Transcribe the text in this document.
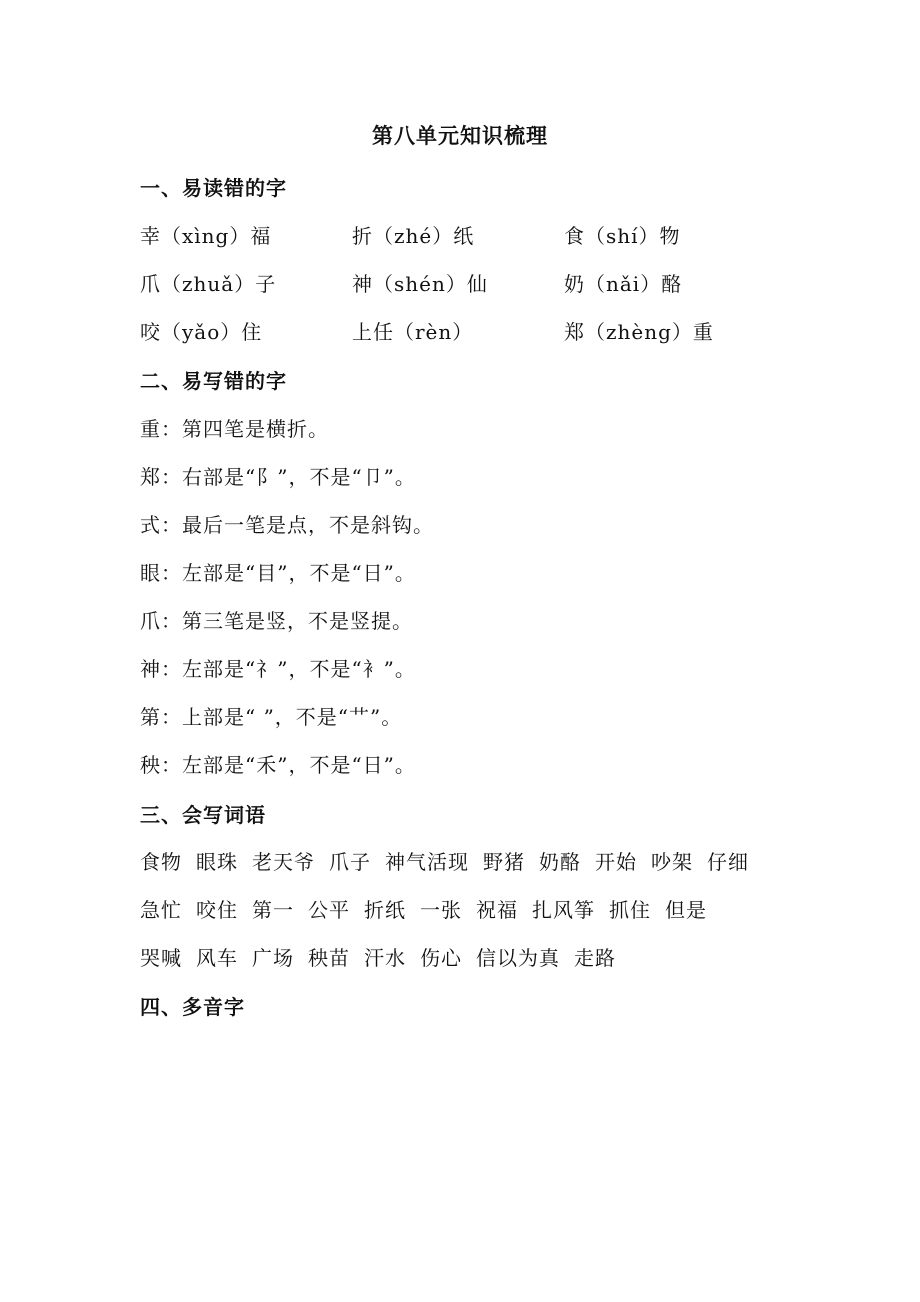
第八单元知识梳理
一、易读错的字
幸（xìng）福	折（zhé）纸	食（shí）物
爪（zhuǎ）子	神（shén）仙	奶（nǎi）酪
咬（yǎo）住	上任（rèn）	郑（zhèng）重
二、易写错的字
重：第四笔是横折。
郑：右部是“阝”，不是“卩”。
式：最后一笔是点，不是斜钩。
眼：左部是“目”，不是“日”。
爪：第三笔是竖，不是竖提。
神：左部是“礻”，不是“衤”。
第：上部是“ ”，不是“艹”。
秧：左部是“禾”，不是“日”。
三、会写词语
食物 眼珠 老天爷 爪子 神气活现 野猪 奶酪 开始 吵架 仔细
急忙 咬住 第一 公平 折纸 一张 祝福 扎风筝 抓住 但是
哭喊 风车 广场 秧苗 汗水 伤心 信以为真 走路
四、多音字
